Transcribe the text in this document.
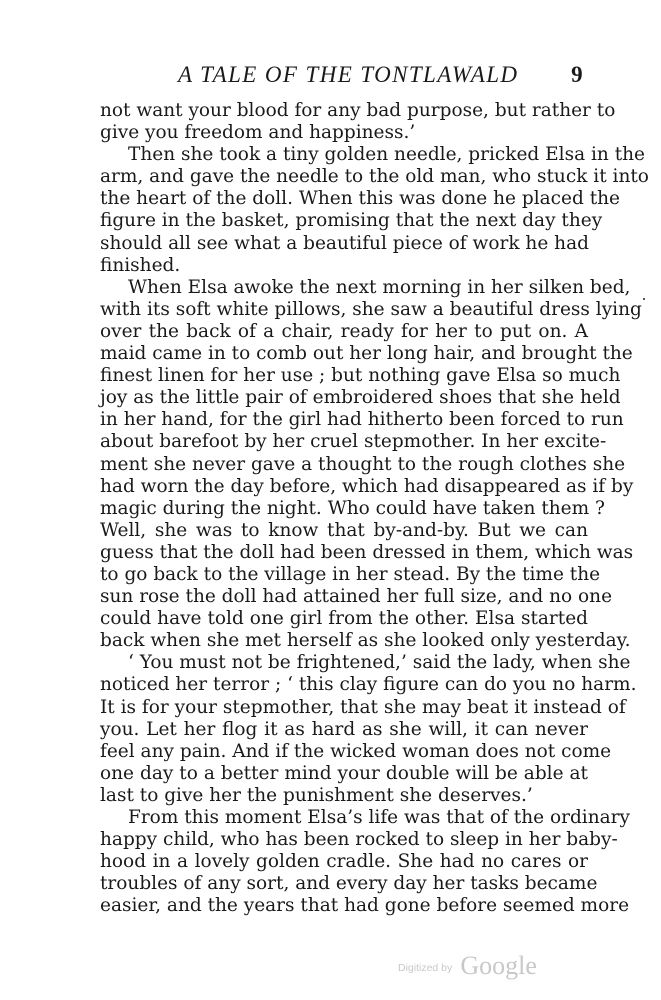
A TALE OF THE TONTLAWALD 9
not want your blood for any bad purpose, but rather to
give you freedom and happiness.’
Then she took a tiny golden needle, pricked Elsa in the
arm, and gave the needle to the old man, who stuck it into
the heart of the doll. When this was done he placed the
figure in the basket, promising that the next day they
should all see what a beautiful piece of work he had
finished.
When Elsa awoke the next morning in her silken bed,
with its soft white pillows, she saw a beautiful dress lying
over the back of a chair, ready for her to put on. A
maid came in to comb out her long hair, and brought the
finest linen for her use ; but nothing gave Elsa so much
joy as the little pair of embroidered shoes that she held
in her hand, for the girl had hitherto been forced to run
about barefoot by her cruel stepmother. In her excite-
ment she never gave a thought to the rough clothes she
had worn the day before, which had disappeared as if by
magic during the night. Who could have taken them ?
Well, she was to know that by-and-by. But we can
guess that the doll had been dressed in them, which was
to go back to the village in her stead. By the time the
sun rose the doll had attained her full size, and no one
could have told one girl from the other. Elsa started
back when she met herself as she looked only yesterday.
‘ You must not be frightened,’ said the lady, when she
noticed her terror ; ‘ this clay figure can do you no harm.
It is for your stepmother, that she may beat it instead of
you. Let her flog it as hard as she will, it can never
feel any pain. And if the wicked woman does not come
one day to a better mind your double will be able at
last to give her the punishment she deserves.’
From this moment Elsa’s life was that of the ordinary
happy child, who has been rocked to sleep in her baby-
hood in a lovely golden cradle. She had no cares or
troubles of any sort, and every day her tasks became
easier, and the years that had gone before seemed more
Digitized by Google
